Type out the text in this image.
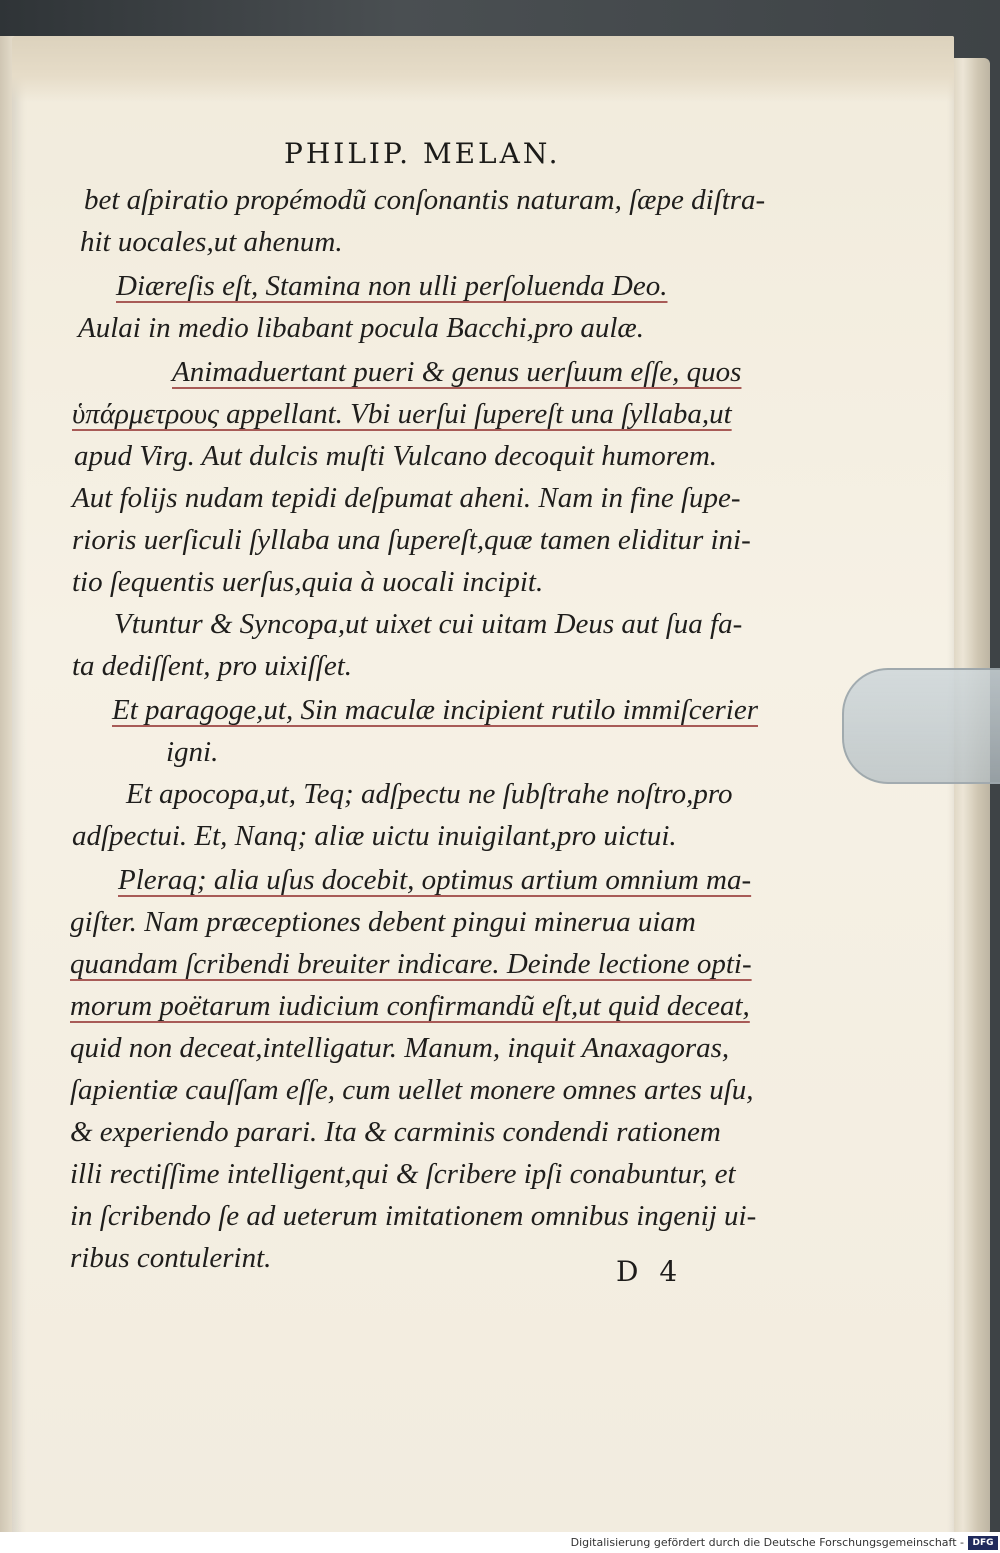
PHILIP. MELAN.
bet aſpiratio propémodũ conſonantis naturam, ſæpe diſtra-
hit uocales,ut ahenum.
Diæreſis eſt, Stamina non ulli perſoluenda Deo.
Aulai in medio libabant pocula Bacchi,pro aulæ.
Animaduertant pueri & genus uerſuum eſſe, quos
ὑπάρμετρους appellant. Vbi uerſui ſupereſt una ſyllaba,ut
apud Virg. Aut dulcis muſti Vulcano decoquit humorem.
Aut folijs nudam tepidi deſpumat aheni. Nam in fine ſupe-
rioris uerſiculi ſyllaba una ſupereſt,quæ tamen eliditur ini-
tio ſequentis uerſus,quia à uocali incipit.
Vtuntur & Syncopa,ut uixet cui uitam Deus aut ſua fa-
ta dediſſent, pro uixiſſet.
Et paragoge,ut, Sin maculæ incipient rutilo immiſcerier
igni.
Et apocopa,ut, Teq; adſpectu ne ſubſtrahe noſtro,pro
adſpectui. Et, Nanq; aliæ uictu inuigilant,pro uictui.
Pleraq; alia uſus docebit, optimus artium omnium ma-
giſter. Nam præceptiones debent pingui minerua uiam
quandam ſcribendi breuiter indicare. Deinde lectione opti-
morum poëtarum iudicium confirmandũ eſt,ut quid deceat,
quid non deceat,intelligatur. Manum, inquit Anaxagoras,
ſapientiæ cauſſam eſſe, cum uellet monere omnes artes uſu,
& experiendo parari. Ita & carminis condendi rationem
illi rectiſſime intelligent,qui & ſcribere ipſi conabuntur, et
in ſcribendo ſe ad ueterum imitationem omnibus ingenij ui-
ribus contulerint.	D 4
Digitalisierung gefördert durch die Deutsche Forschungsgemeinschaft - DFG
